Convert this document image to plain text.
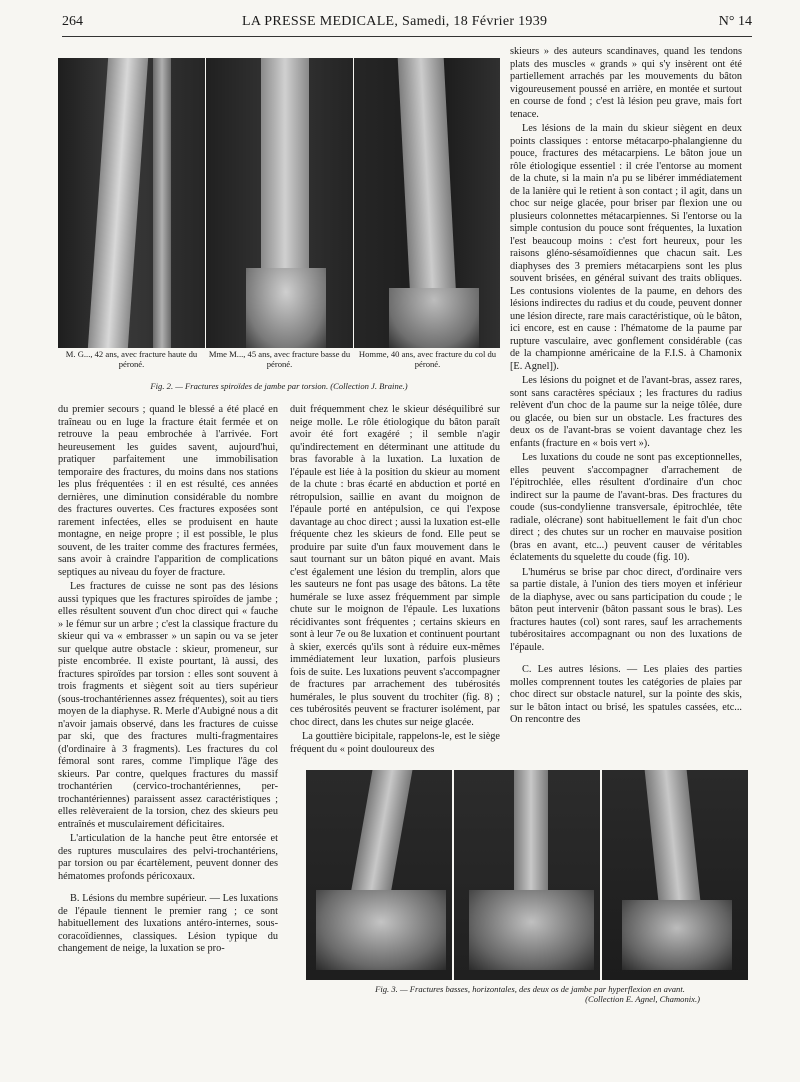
264	LA PRESSE MEDICALE, Samedi, 18 Février 1939	N° 14
M. G..., 42 ans, avec fracture haute du péroné.
Mme M..., 45 ans, avec fracture basse du péroné.
Homme, 40 ans, avec fracture du col du péroné.
Fig. 2. — Fractures spiroïdes de jambe par torsion. (Collection J. Braine.)

du premier secours ; quand le blessé a été placé en traîneau ou en luge la fracture était fermée et on retrouve la peau embrochée à l'arrivée. Fort heureusement les guides savent, aujourd'hui, pratiquer parfaitement une immobilisation temporaire des fractures, du moins dans nos stations les plus fréquentées : il en est résulté, ces années dernières, une diminution considérable du nombre des fractures ouvertes. Ces fractures exposées sont rarement infectées, elles se produisent en haute montagne, en neige propre ; il est possible, le plus souvent, de les traiter comme des fractures fermées, sans avoir à craindre l'apparition de complications septiques au niveau du foyer de fracture.

Les fractures de cuisse ne sont pas des lésions aussi typiques que les fractures spiroïdes de jambe ; elles résultent souvent d'un choc direct qui « fauche » le fémur sur un arbre ; c'est la classique fracture du skieur qui va « embrasser » un sapin ou va se jeter sur quelque autre obstacle : skieur, promeneur, sur piste encombrée. Il existe pourtant, là aussi, des fractures spiroïdes par torsion : elles sont souvent à trois fragments et siègent soit au tiers supérieur (sous-trochantériennes assez fréquentes), soit au tiers moyen de la diaphyse. R. Merle d'Aubigné nous a dit n'avoir jamais observé, dans les fractures de cuisse par ski, que des fractures multi-fragmentaires (d'ordinaire à 3 fragments). Les fractures du col fémoral sont rares, comme l'implique l'âge des skieurs. Par contre, quelques fractures du massif trochantérien (cervico-trochantériennes, per-trochantériennes) paraissent assez caractéristiques ; elles relèveraient de la torsion, chez des skieurs peu entraînés et musculairement déficitaires.

L'articulation de la hanche peut être entorsée et des ruptures musculaires des pelvi-trochantériens, par torsion ou par écartèlement, peuvent donner des hématomes profonds péricoxaux.

B. Lésions du membre supérieur. — Les luxations de l'épaule tiennent le premier rang ; ce sont habituellement des luxations antéro-internes, sous-coracoïdiennes, classiques. Lésion typique du changement de neige, la luxation se pro-

duit fréquemment chez le skieur déséquilibré sur neige molle. Le rôle étiologique du bâton paraît avoir été fort exagéré ; il semble n'agir qu'indirectement en déterminant une attitude du bras favorable à la luxation. La luxation de l'épaule est liée à la position du skieur au moment de la chute : bras écarté en abduction et porté en rétropulsion, saillie en avant du moignon de l'épaule porté en antépulsion, ce qui l'expose davantage au choc direct ; aussi la luxation est-elle fréquente chez les skieurs de fond. Elle peut se produire par suite d'un faux mouvement dans le saut tournant sur un bâton piqué en avant. Mais c'est également une lésion du tremplin, alors que les sauteurs ne font pas usage des bâtons. La tête humérale se luxe assez fréquemment par simple chute sur le moignon de l'épaule. Les luxations récidivantes sont fréquentes ; certains skieurs en sont à leur 7e ou 8e luxation et continuent pourtant à skier, exercés qu'ils sont à réduire eux-mêmes immédiatement leur luxation, parfois plusieurs fois de suite. Les luxations peuvent s'accompagner de fractures par arrachement des tubérosités humérales, le plus souvent du trochiter (fig. 8) ; ces tubérosités peuvent se fracturer isolément, par choc direct, dans les chutes sur neige glacée.

La gouttière bicipitale, rappelons-le, est le siège fréquent du « point douloureux des

skieurs » des auteurs scandinaves, quand les tendons plats des muscles « grands » qui s'y insèrent ont été partiellement arrachés par les mouvements du bâton vigoureusement poussé en arrière, en montée et surtout en course de fond ; c'est là lésion peu grave, mais fort tenace.

Les lésions de la main du skieur siègent en deux points classiques : entorse métacarpo-phalangienne du pouce, fractures des métacarpiens. Le bâton joue un rôle étiologique essentiel : il crée l'entorse au moment de la chute, si la main n'a pu se libérer immédiatement de la lanière qui le retient à son contact ; il agit, dans un choc sur neige glacée, pour briser par flexion une ou plusieurs colonnettes métacarpiennes. Si l'entorse ou la simple contusion du pouce sont fréquentes, la luxation l'est beaucoup moins : c'est fort heureux, pour les raisons gléno-sésamoïdiennes que chacun sait. Les diaphyses des 3 premiers métacarpiens sont les plus souvent brisées, en général suivant des traits obliques. Les contusions violentes de la paume, en dehors des lésions indirectes du radius et du coude, peuvent donner une lésion directe, rare mais caractéristique, où le bâton, ici encore, est en cause : l'hématome de la paume par rupture vasculaire, avec gonflement considérable (cas de la championne américaine de la F.I.S. à Chamonix [E. Agnel]).

Les lésions du poignet et de l'avant-bras, assez rares, sont sans caractères spéciaux ; les fractures du radius relèvent d'un choc de la paume sur la neige tôlée, dure ou glacée, ou bien sur un obstacle. Les fractures des deux os de l'avant-bras se voient davantage chez les enfants (fracture en « bois vert »).

Les luxations du coude ne sont pas exceptionnelles, elles peuvent s'accompagner d'arrachement de l'épitrochlée, elles résultent d'ordinaire d'un choc indirect sur la paume de l'avant-bras. Des fractures du coude (sus-condylienne transversale, épitrochlée, tête radiale, olécrane) sont habituellement le fait d'un choc direct ; des chutes sur un rocher en mauvaise position (bras en avant, etc...) peuvent causer de véritables éclatements du squelette du coude (fig. 10).

L'humérus se brise par choc direct, d'ordinaire vers sa partie distale, à l'union des tiers moyen et inférieur de la diaphyse, avec ou sans participation du coude ; le bâton peut intervenir (bâton passant sous le bras). Les fractures hautes (col) sont rares, sauf les arrachements tubérositaires accompagnant ou non des luxations de l'épaule.

C. Les autres lésions. — Les plaies des parties molles comprennent toutes les catégories de plaies par choc direct sur obstacle naturel, sur la pointe des skis, sur le bâton intact ou brisé, les spatules cassées, etc... On rencontre des

Fig. 3. — Fractures basses, horizontales, des deux os de jambe par hyperflexion en avant.
(Collection E. Agnel, Chamonix.)
